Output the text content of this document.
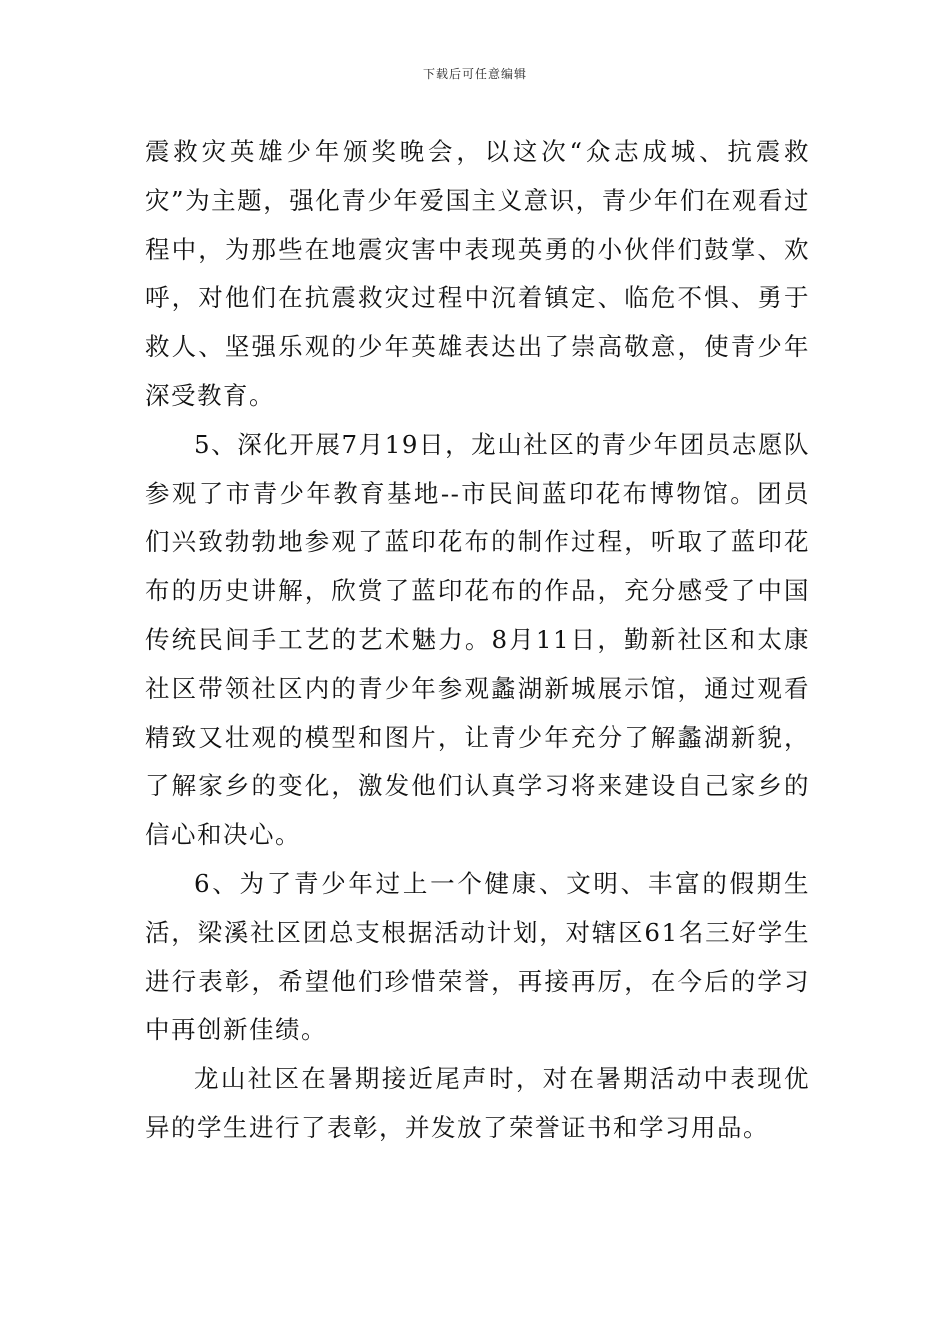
下载后可任意编辑

震救灾英雄少年颁奖晚会，以这次“众志成城、抗震救灾”为主题，强化青少年爱国主义意识，青少年们在观看过程中，为那些在地震灾害中表现英勇的小伙伴们鼓掌、欢呼，对他们在抗震救灾过程中沉着镇定、临危不惧、勇于救人、坚强乐观的少年英雄表达出了崇高敬意，使青少年深受教育。

5、深化开展7月19日，龙山社区的青少年团员志愿队参观了市青少年教育基地--市民间蓝印花布博物馆。团员们兴致勃勃地参观了蓝印花布的制作过程，听取了蓝印花布的历史讲解，欣赏了蓝印花布的作品，充分感受了中国传统民间手工艺的艺术魅力。8月11日，勤新社区和太康社区带领社区内的青少年参观蠡湖新城展示馆，通过观看精致又壮观的模型和图片，让青少年充分了解蠡湖新貌，了解家乡的变化，激发他们认真学习将来建设自己家乡的信心和决心。

6、为了青少年过上一个健康、文明、丰富的假期生活，梁溪社区团总支根据活动计划，对辖区61名三好学生进行表彰，希望他们珍惜荣誉，再接再厉，在今后的学习中再创新佳绩。

龙山社区在暑期接近尾声时，对在暑期活动中表现优异的学生进行了表彰，并发放了荣誉证书和学习用品。
